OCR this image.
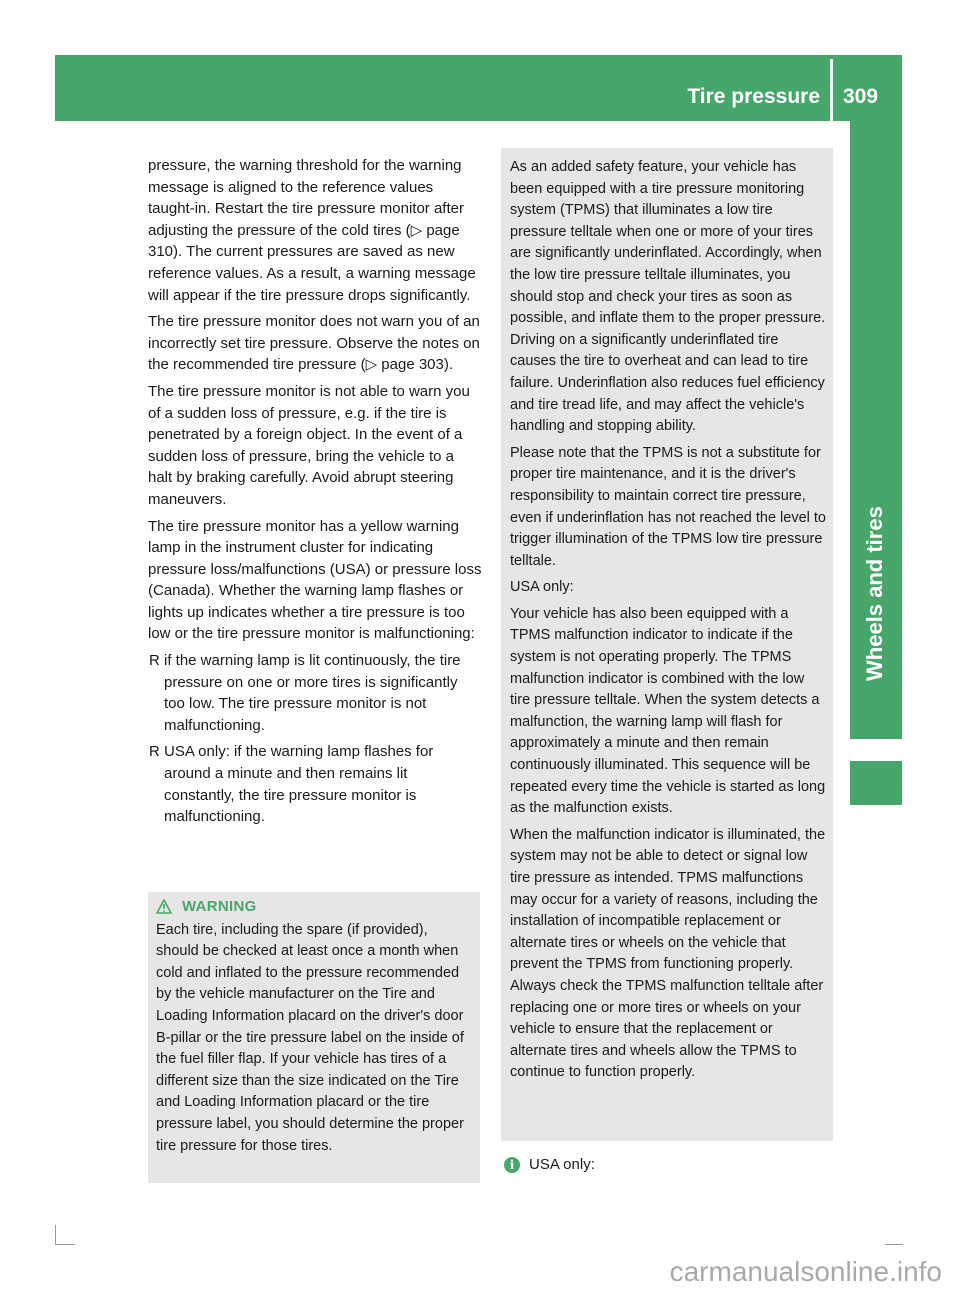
Tire pressure 309
Wheels and tires

pressure, the warning threshold for the warning message is aligned to the reference values taught-in. Restart the tire pressure monitor after adjusting the pressure of the cold tires (▷ page 310). The current pressures are saved as new reference values. As a result, a warning message will appear if the tire pressure drops significantly.

The tire pressure monitor does not warn you of an incorrectly set tire pressure. Observe the notes on the recommended tire pressure (▷ page 303).

The tire pressure monitor is not able to warn you of a sudden loss of pressure, e.g. if the tire is penetrated by a foreign object. In the event of a sudden loss of pressure, bring the vehicle to a halt by braking carefully. Avoid abrupt steering maneuvers.

The tire pressure monitor has a yellow warning lamp in the instrument cluster for indicating pressure loss/malfunctions (USA) or pressure loss (Canada). Whether the warning lamp flashes or lights up indicates whether a tire pressure is too low or the tire pressure monitor is malfunctioning:

R if the warning lamp is lit continuously, the tire pressure on one or more tires is significantly too low. The tire pressure monitor is not malfunctioning.
R USA only: if the warning lamp flashes for around a minute and then remains lit constantly, the tire pressure monitor is malfunctioning.
WARNING
Each tire, including the spare (if provided), should be checked at least once a month when cold and inflated to the pressure recommended by the vehicle manufacturer on the Tire and Loading Information placard on the driver's door B-pillar or the tire pressure label on the inside of the fuel filler flap. If your vehicle has tires of a different size than the size indicated on the Tire and Loading Information placard or the tire pressure label, you should determine the proper tire pressure for those tires.

As an added safety feature, your vehicle has been equipped with a tire pressure monitoring system (TPMS) that illuminates a low tire pressure telltale when one or more of your tires are significantly underinflated. Accordingly, when the low tire pressure telltale illuminates, you should stop and check your tires as soon as possible, and inflate them to the proper pressure. Driving on a significantly underinflated tire causes the tire to overheat and can lead to tire failure. Underinflation also reduces fuel efficiency and tire tread life, and may affect the vehicle's handling and stopping ability.

Please note that the TPMS is not a substitute for proper tire maintenance, and it is the driver's responsibility to maintain correct tire pressure, even if underinflation has not reached the level to trigger illumination of the TPMS low tire pressure telltale.

USA only:

Your vehicle has also been equipped with a TPMS malfunction indicator to indicate if the system is not operating properly. The TPMS malfunction indicator is combined with the low tire pressure telltale. When the system detects a malfunction, the warning lamp will flash for approximately a minute and then remain continuously illuminated. This sequence will be repeated every time the vehicle is started as long as the malfunction exists.

When the malfunction indicator is illuminated, the system may not be able to detect or signal low tire pressure as intended. TPMS malfunctions may occur for a variety of reasons, including the installation of incompatible replacement or alternate tires or wheels on the vehicle that prevent the TPMS from functioning properly. Always check the TPMS malfunction telltale after replacing one or more tires or wheels on your vehicle to ensure that the replacement or alternate tires and wheels allow the TPMS to continue to function properly.

i USA only:
carmanualsonline.info
